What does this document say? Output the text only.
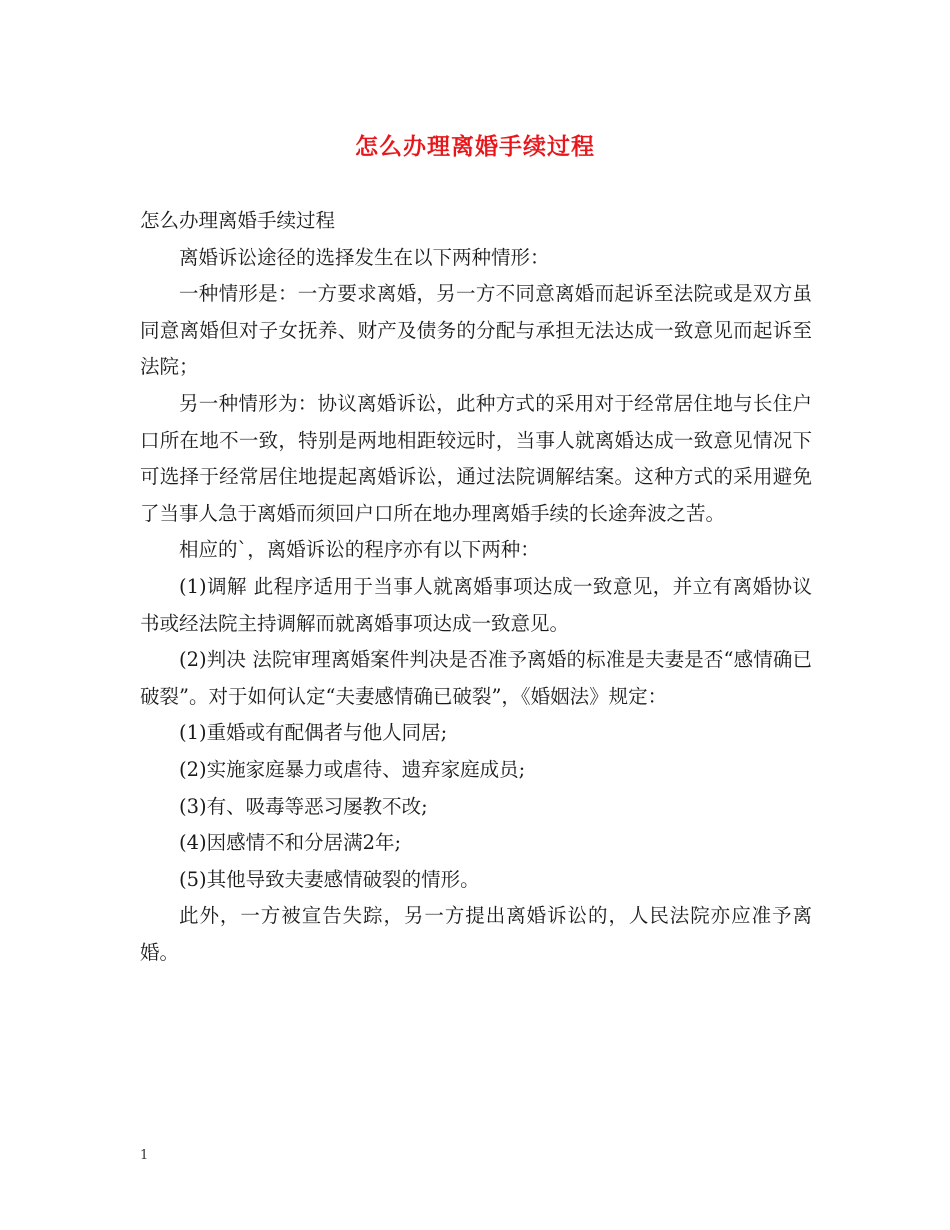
怎么办理离婚手续过程

怎么办理离婚手续过程

离婚诉讼途径的选择发生在以下两种情形：

一种情形是：一方要求离婚，另一方不同意离婚而起诉至法院或是双方虽同意离婚但对子女抚养、财产及债务的分配与承担无法达成一致意见而起诉至法院；

另一种情形为：协议离婚诉讼，此种方式的采用对于经常居住地与长住户口所在地不一致，特别是两地相距较远时，当事人就离婚达成一致意见情况下可选择于经常居住地提起离婚诉讼，通过法院调解结案。这种方式的采用避免了当事人急于离婚而须回户口所在地办理离婚手续的长途奔波之苦。

相应的`，离婚诉讼的程序亦有以下两种：

(1)调解 此程序适用于当事人就离婚事项达成一致意见，并立有离婚协议书或经法院主持调解而就离婚事项达成一致意见。

(2)判决 法院审理离婚案件判决是否准予离婚的标准是夫妻是否“感情确已破裂”。对于如何认定“夫妻感情确已破裂”，《婚姻法》规定：

(1)重婚或有配偶者与他人同居;

(2)实施家庭暴力或虐待、遗弃家庭成员;

(3)有、吸毒等恶习屡教不改;

(4)因感情不和分居满2年;

(5)其他导致夫妻感情破裂的情形。

此外，一方被宣告失踪，另一方提出离婚诉讼的，人民法院亦应准予离婚。

1
